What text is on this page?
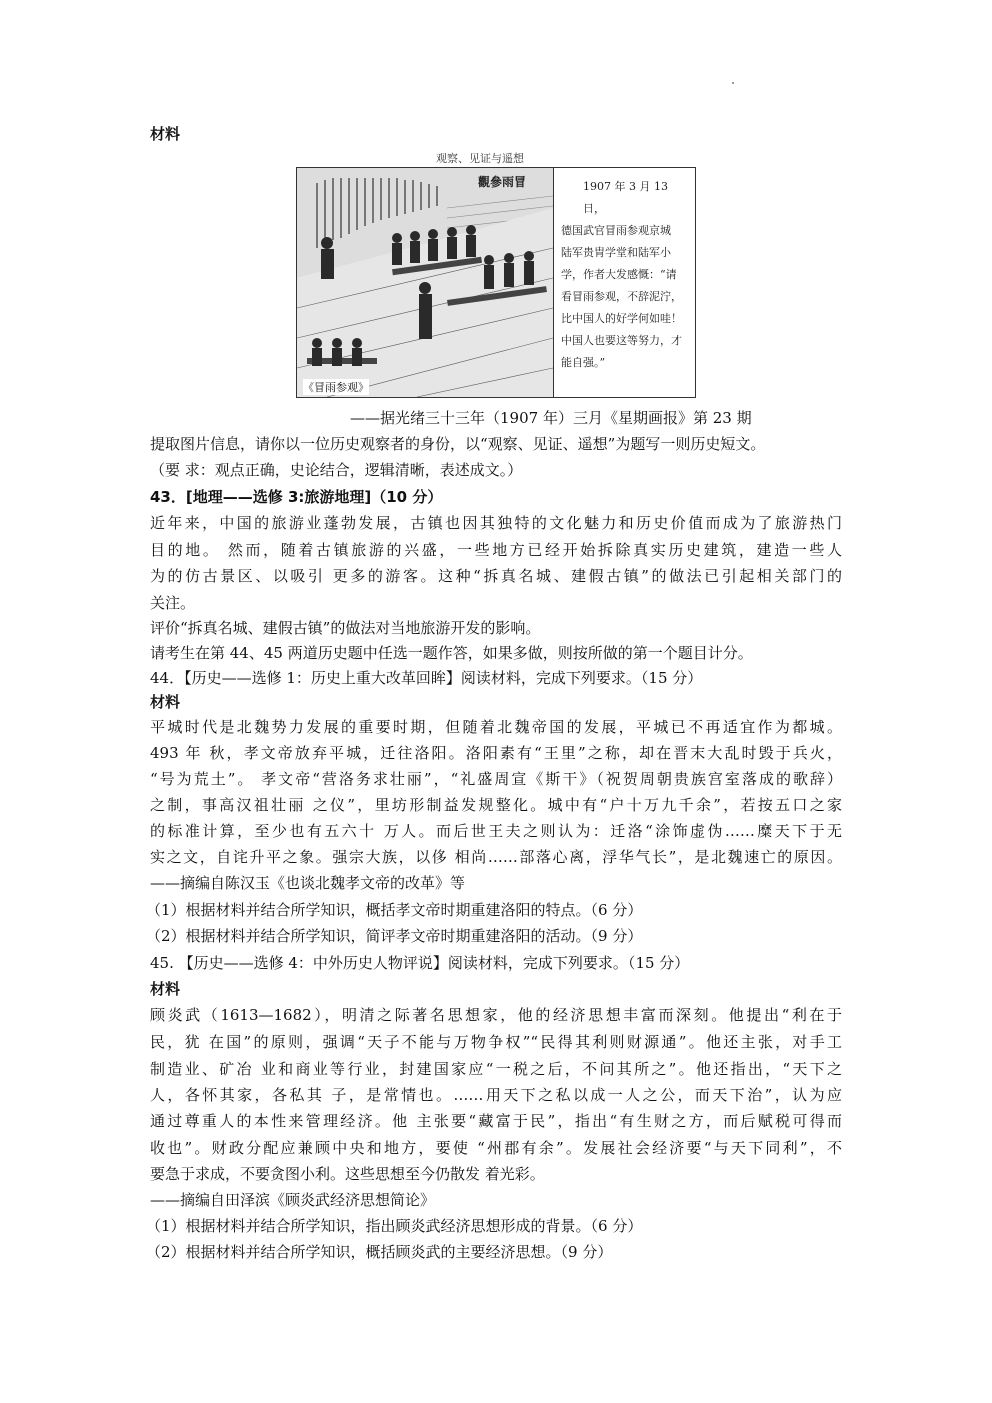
材料
观察、见证与遥想
觀參雨冒
《冒雨参观》
1907 年 3 月 13 日，
德国武官冒雨参观京城
陆军贵胄学堂和陆军小
学，作者大发感慨：“请
看冒雨参观，不辞泥泞，
比中国人的好学何如哇！
中国人也要这等努力，才
能自强。”
——据光绪三十三年（1907 年）三月《星期画报》第 23 期
提取图片信息，请你以一位历史观察者的身份，以“观察、见证、遥想”为题写一则历史短文。
（要 求：观点正确，史论结合，逻辑清晰，表述成文。）
43．[地理——选修 3:旅游地理]（10 分）
近年来，中国的旅游业蓬勃发展，古镇也因其独特的文化魅力和历史价值而成为了旅游热门
目的地。 然而，随着古镇旅游的兴盛，一些地方已经开始拆除真实历史建筑，建造一些人
为的仿古景区、以吸引 更多的游客。这种“拆真名城、建假古镇”的做法已引起相关部门的
关注。
评价“拆真名城、建假古镇”的做法对当地旅游开发的影响。
请考生在第 44、45 两道历史题中任选一题作答，如果多做，则按所做的第一个题目计分。
44．【历史——选修 1：历史上重大改革回眸】阅读材料，完成下列要求。（15 分）
材料
平城时代是北魏势力发展的重要时期，但随着北魏帝国的发展，平城已不再适宜作为都城。
493 年 秋，孝文帝放弃平城，迁往洛阳。洛阳素有“王里”之称，却在晋末大乱时毁于兵火，
“号为荒土”。 孝文帝“营洛务求壮丽”，“礼盛周宣《斯干》（祝贺周朝贵族宫室落成的歌辞）
之制，事高汉祖壮丽 之仪”，里坊形制益发规整化。城中有“户十万九千余”，若按五口之家
的标准计算，至少也有五六十 万人。而后世王夫之则认为：迁洛“涂饰虚伪……糜天下于无
实之文，自诧升平之象。强宗大族，以侈 相尚……部落心离，浮华气长”，是北魏速亡的原因。
——摘编自陈汉玉《也谈北魏孝文帝的改革》等
（1）根据材料并结合所学知识，概括孝文帝时期重建洛阳的特点。（6 分）
（2）根据材料并结合所学知识，简评孝文帝时期重建洛阳的活动。（9 分）
45. 【历史——选修 4：中外历史人物评说】阅读材料，完成下列要求。（15 分）
材料
顾炎武（1613—1682），明清之际著名思想家，他的经济思想丰富而深刻。他提出“利在于
民，犹 在国”的原则，强调“天子不能与万物争权”“民得其利则财源通”。他还主张，对手工
制造业、矿冶 业和商业等行业，封建国家应“一税之后，不问其所之”。他还指出，“天下之
人，各怀其家，各私其 子，是常情也。……用天下之私以成一人之公，而天下治”，认为应
通过尊重人的本性来管理经济。他 主张要“藏富于民”，指出“有生财之方，而后赋税可得而
收也”。财政分配应兼顾中央和地方，要使 “州郡有余”。发展社会经济要“与天下同利”，不
要急于求成，不要贪图小利。这些思想至今仍散发 着光彩。
——摘编自田泽滨《顾炎武经济思想简论》
（1）根据材料并结合所学知识，指出顾炎武经济思想形成的背景。（6 分）
（2）根据材料并结合所学知识，概括顾炎武的主要经济思想。（9 分）
